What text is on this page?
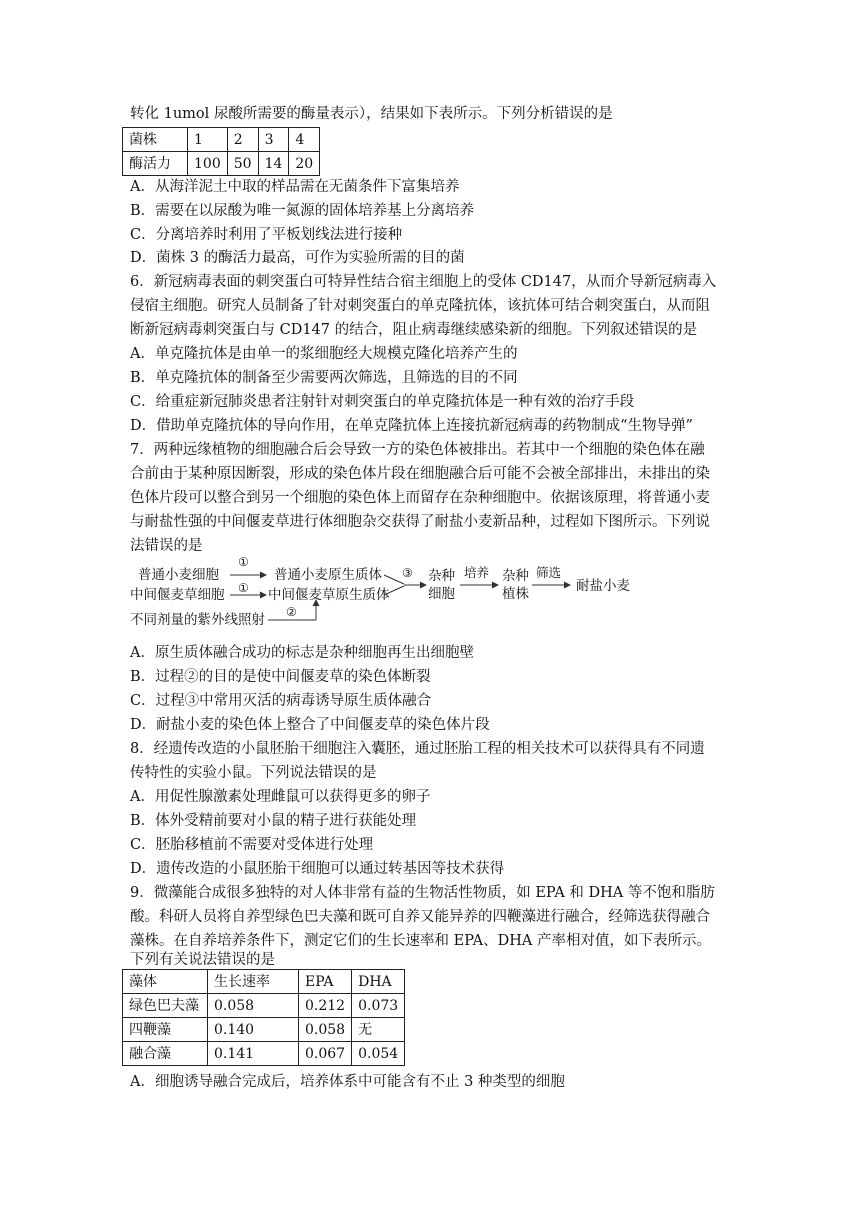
转化 1umol 尿酸所需要的酶量表示），结果如下表所示。下列分析错误的是
菌株	1	2	3	4
酶活力	100	50	14	20
A．从海洋泥土中取的样品需在无菌条件下富集培养
B．需要在以尿酸为唯一氮源的固体培养基上分离培养
C．分离培养时利用了平板划线法进行接种
D．菌株 3 的酶活力最高，可作为实验所需的目的菌
6．新冠病毒表面的刺突蛋白可特异性结合宿主细胞上的受体 CD147，从而介导新冠病毒入
侵宿主细胞。研究人员制备了针对刺突蛋白的单克隆抗体，该抗体可结合刺突蛋白，从而阻
断新冠病毒刺突蛋白与 CD147 的结合，阻止病毒继续感染新的细胞。下列叙述错误的是
A．单克隆抗体是由单一的浆细胞经大规模克隆化培养产生的
B．单克隆抗体的制备至少需要两次筛选，且筛选的目的不同
C．给重症新冠肺炎患者注射针对刺突蛋白的单克隆抗体是一种有效的治疗手段
D．借助单克隆抗体的导向作用，在单克隆抗体上连接抗新冠病毒的药物制成“生物导弹”
7．两种远缘植物的细胞融合后会导致一方的染色体被排出。若其中一个细胞的染色体在融
合前由于某种原因断裂，形成的染色体片段在细胞融合后可能不会被全部排出，未排出的染
色体片段可以整合到另一个细胞的染色体上而留存在杂种细胞中。依据该原理，将普通小麦
与耐盐性强的中间偃麦草进行体细胞杂交获得了耐盐小麦新品种，过程如下图所示。下列说
法错误的是
普通小麦细胞
中间偃麦草细胞
①
①
普通小麦原生质体
中间偃麦草原生质体
③ 杂种
细胞
培养 杂种
植株
筛选
耐盐小麦
不同剂量的紫外线照射 ②
A．原生质体融合成功的标志是杂种细胞再生出细胞壁
B．过程②的目的是使中间偃麦草的染色体断裂
C．过程③中常用灭活的病毒诱导原生质体融合
D．耐盐小麦的染色体上整合了中间偃麦草的染色体片段
8．经遗传改造的小鼠胚胎干细胞注入囊胚，通过胚胎工程的相关技术可以获得具有不同遗
传特性的实验小鼠。下列说法错误的是
A．用促性腺激素处理雌鼠可以获得更多的卵子
B．体外受精前要对小鼠的精子进行获能处理
C．胚胎移植前不需要对受体进行处理
D．遗传改造的小鼠胚胎干细胞可以通过转基因等技术获得
9．微藻能合成很多独特的对人体非常有益的生物活性物质，如 EPA 和 DHA 等不饱和脂肪
酸。科研人员将自养型绿色巴夫藻和既可自养又能异养的四鞭藻进行融合，经筛选获得融合
藻株。在自养培养条件下，测定它们的生长速率和 EPA、DHA 产率相对值，如下表所示。
下列有关说法错误的是
藻体	生长速率	EPA	DHA
绿色巴夫藻	0.058	0.212	0.073
四鞭藻	0.140	0.058	无
融合藻	0.141	0.067	0.054
A．细胞诱导融合完成后，培养体系中可能含有不止 3 种类型的细胞
